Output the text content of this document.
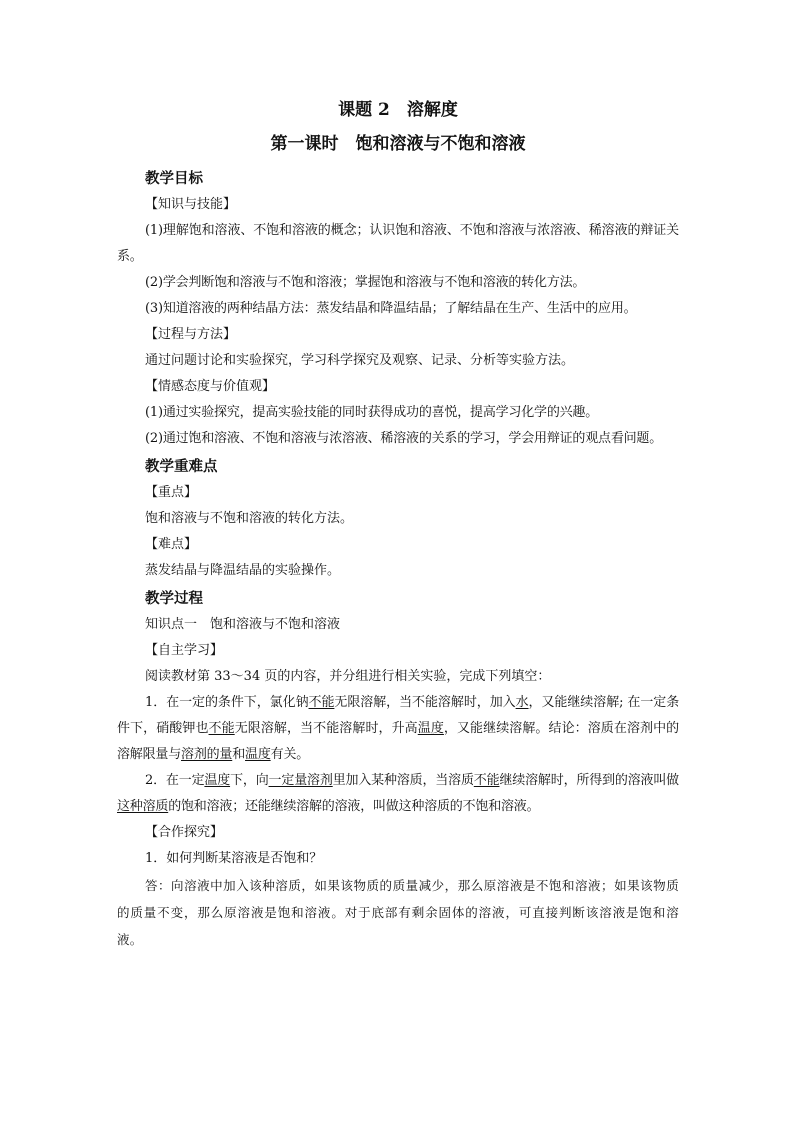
课题 2　溶解度
第一课时　饱和溶液与不饱和溶液
教学目标
【知识与技能】

(1)理解饱和溶液、不饱和溶液的概念；认识饱和溶液、不饱和溶液与浓溶液、稀溶液的辩证关系。

(2)学会判断饱和溶液与不饱和溶液；掌握饱和溶液与不饱和溶液的转化方法。

(3)知道溶液的两种结晶方法：蒸发结晶和降温结晶；了解结晶在生产、生活中的应用。

【过程与方法】

通过问题讨论和实验探究，学习科学探究及观察、记录、分析等实验方法。

【情感态度与价值观】

(1)通过实验探究，提高实验技能的同时获得成功的喜悦，提高学习化学的兴趣。

(2)通过饱和溶液、不饱和溶液与浓溶液、稀溶液的关系的学习，学会用辩证的观点看问题。

教学重难点
【重点】

饱和溶液与不饱和溶液的转化方法。

【难点】

蒸发结晶与降温结晶的实验操作。

教学过程

知识点一　饱和溶液与不饱和溶液

【自主学习】

阅读教材第 33～34 页的内容，并分组进行相关实验，完成下列填空：

1．在一定的条件下，氯化钠不能无限溶解，当不能溶解时，加入水，又能继续溶解; 在一定条件下，硝酸钾也不能无限溶解，当不能溶解时，升高温度，又能继续溶解。结论：溶质在溶剂中的溶解限量与溶剂的量和温度有关。

2．在一定温度下，向一定量溶剂里加入某种溶质，当溶质不能继续溶解时，所得到的溶液叫做这种溶质的饱和溶液；还能继续溶解的溶液，叫做这种溶质的不饱和溶液。

【合作探究】

1．如何判断某溶液是否饱和？

答：向溶液中加入该种溶质，如果该物质的质量减少，那么原溶液是不饱和溶液；如果该物质的质量不变，那么原溶液是饱和溶液。对于底部有剩余固体的溶液，可直接判断该溶液是饱和溶液。
